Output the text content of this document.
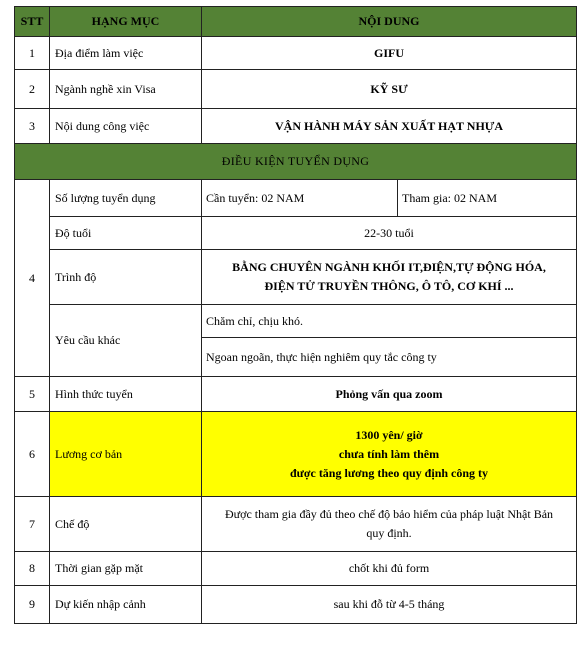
STT	HẠNG MỤC	NỘI DUNG	
1	Địa điểm làm việc	GIFU	
2	Ngành nghề xin Visa	KỸ SƯ	
3	Nội dung công việc	VẬN HÀNH MÁY SẢN XUẤT HẠT NHỰA	
ĐIỀU KIỆN TUYỂN DỤNG			
4	Số lượng tuyển dụng	Cần tuyển: 02 NAM	Tham gia: 02 NAM
	Độ tuổi	22-30 tuổi	
	Trình độ	BẰNG CHUYÊN NGÀNH KHỐI IT,ĐIỆN,TỰ ĐỘNG HÓA,
ĐIỆN TỬ TRUYỀN THÔNG, Ô TÔ, CƠ KHÍ ...	

	Yêu cầu khác	Chăm chỉ, chịu khó.
Ngoan ngoãn, thực hiện nghiêm quy tắc công ty	

5	Hình thức tuyển	Phỏng vấn qua zoom	
6	Lương cơ bản	1300 yên/ giờ
chưa tính làm thêm
được tăng lương theo quy định công ty	

7	Chế độ	Được tham gia đầy đủ theo chế độ bảo hiểm của pháp luật Nhật Bản
quy định.	

8	Thời gian gặp mặt	chốt khi đủ form	
9	Dự kiến nhập cảnh	sau khi đỗ từ 4-5 tháng	
